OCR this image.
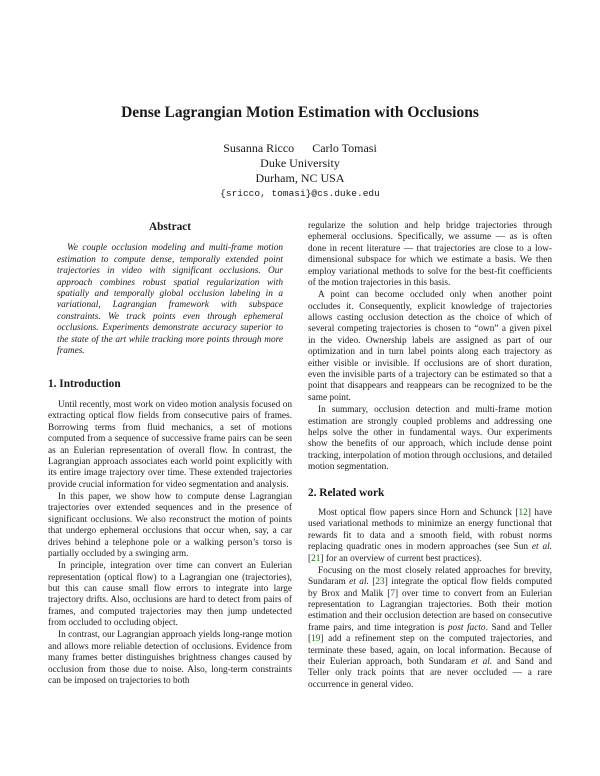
Dense Lagrangian Motion Estimation with Occlusions
Susanna Ricco Carlo Tomasi
Duke University
Durham, NC USA
{sricco, tomasi}@cs.duke.edu
Abstract

We couple occlusion modeling and multi-frame motion estimation to compute dense, temporally extended point trajectories in video with significant occlusions. Our approach combines robust spatial regularization with spatially and temporally global occlusion labeling in a variational, Lagrangian framework with subspace constraints. We track points even through ephemeral occlusions. Experiments demonstrate accuracy superior to the state of the art while tracking more points through more frames.

1. Introduction

Until recently, most work on video motion analysis focused on extracting optical flow fields from consecutive pairs of frames. Borrowing terms from fluid mechanics, a set of motions computed from a sequence of successive frame pairs can be seen as an Eulerian representation of overall flow. In contrast, the Lagrangian approach associates each world point explicitly with its entire image trajectory over time. These extended trajectories provide crucial information for video segmentation and analysis.

In this paper, we show how to compute dense Lagrangian trajectories over extended sequences and in the presence of significant occlusions. We also reconstruct the motion of points that undergo ephemeral occlusions that occur when, say, a car drives behind a telephone pole or a walking person’s torso is partially occluded by a swinging arm.

In principle, integration over time can convert an Eulerian representation (optical flow) to a Lagrangian one (trajectories), but this can cause small flow errors to integrate into large trajectory drifts. Also, occlusions are hard to detect from pairs of frames, and computed trajectories may then jump undetected from occluded to occluding object.

In contrast, our Lagrangian approach yields long-range motion and allows more reliable detection of occlusions. Evidence from many frames better distinguishes brightness changes caused by occlusion from those due to noise. Also, long-term constraints can be imposed on trajectories to both

regularize the solution and help bridge trajectories through ephemeral occlusions. Specifically, we assume — as is often done in recent literature — that trajectories are close to a low-dimensional subspace for which we estimate a basis. We then employ variational methods to solve for the best-fit coefficients of the motion trajectories in this basis.

A point can become occluded only when another point occludes it. Consequently, explicit knowledge of trajectories allows casting occlusion detection as the choice of which of several competing trajectories is chosen to “own” a given pixel in the video. Ownership labels are assigned as part of our optimization and in turn label points along each trajectory as either visible or invisible. If occlusions are of short duration, even the invisible parts of a trajectory can be estimated so that a point that disappears and reappears can be recognized to be the same point.

In summary, occlusion detection and multi-frame motion estimation are strongly coupled problems and addressing one helps solve the other in fundamental ways. Our experiments show the benefits of our approach, which include dense point tracking, interpolation of motion through occlusions, and detailed motion segmentation.

2. Related work

Most optical flow papers since Horn and Schunck [12] have used variational methods to minimize an energy functional that rewards fit to data and a smooth field, with robust norms replacing quadratic ones in modern approaches (see Sun et al. [21] for an overview of current best practices).

Focusing on the most closely related approaches for brevity, Sundaram et al. [23] integrate the optical flow fields computed by Brox and Malik [7] over time to convert from an Eulerian representation to Lagrangian trajectories. Both their motion estimation and their occlusion detection are based on consecutive frame pairs, and time integration is post facto. Sand and Teller [19] add a refinement step on the computed trajectories, and terminate these based, again, on local information. Because of their Eulerian approach, both Sundaram et al. and Sand and Teller only track points that are never occluded — a rare occurrence in general video.
